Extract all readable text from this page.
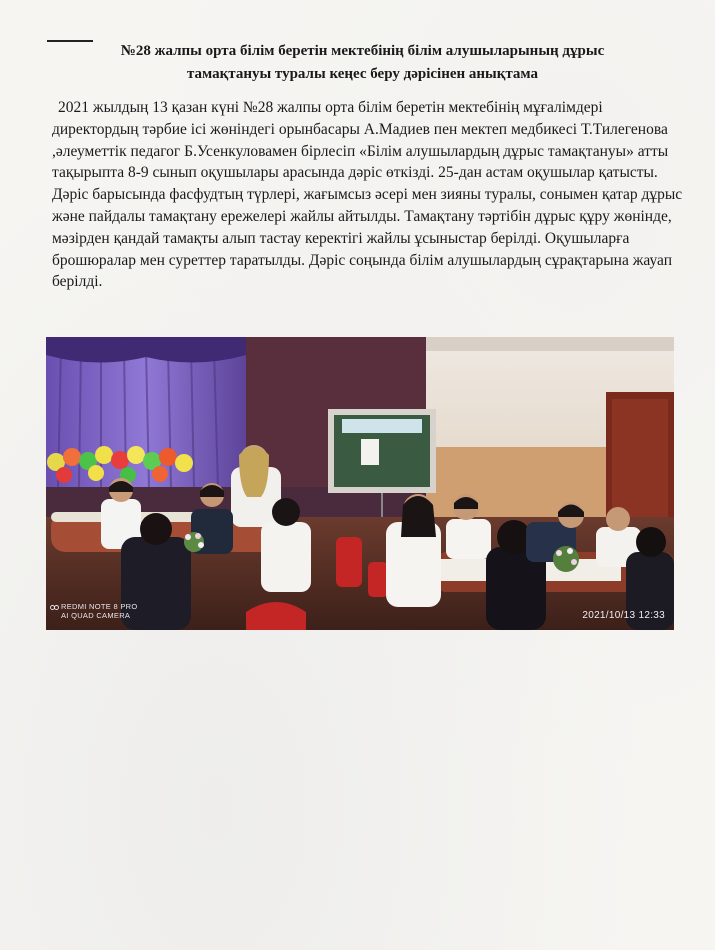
№28 жалпы орта білім беретін мектебінің білім алушыларының дұрыс
тамақтануы туралы кеңес беру дәрісінен анықтама

2021 жылдың 13 қазан күні №28 жалпы орта білім беретін мектебінің мұғалімдері директордың тәрбие ісі жөніндегі орынбасары А.Мадиев пен мектеп медбикесі Т.Тилегенова ,әлеуметтік педагог Б.Усенкуловамен бірлесіп «Білім алушылардың дұрыс тамақтануы» атты тақырыпта 8-9 сынып оқушылары арасында дәріс өткізді. 25-дан астам оқушылар қатысты. Дәріс барысында фасфудтың түрлері, жағымсыз әсері мен зияны туралы, сонымен қатар дұрыс және пайдалы тамақтану ережелері жайлы айтылды. Тамақтану тәртібін дұрыс құру жөнінде, мәзірден қандай тамақты алып тастау керектігі жайлы ұсыныстар берілді. Оқушыларға брошюралар мен суреттер таратылды. Дәріс соңында білім алушылардың сұрақтарына жауап берілді.

REDMI NOTE 8 PRO
AI QUAD CAMERA	2021/10/13 12:33
